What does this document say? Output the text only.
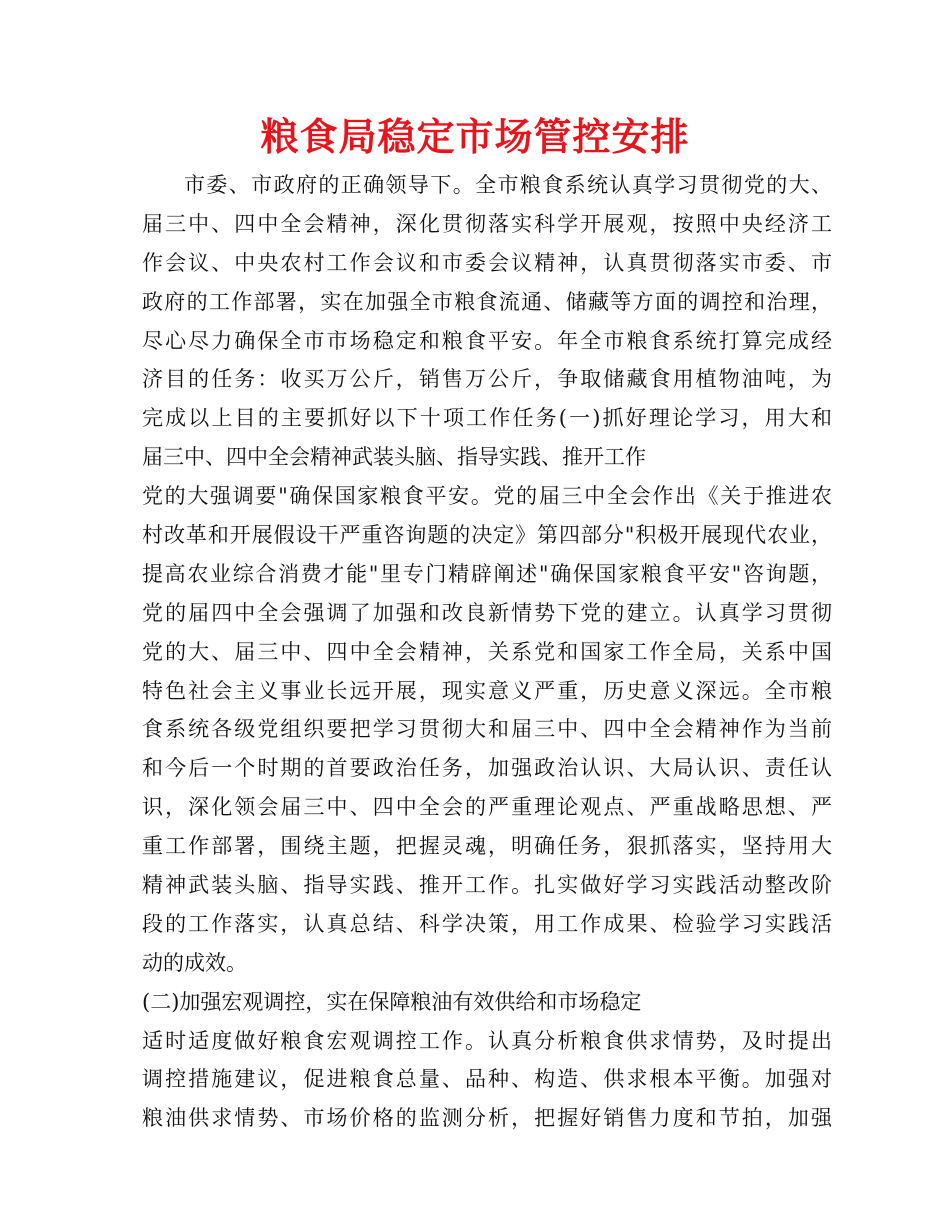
粮食局稳定市场管控安排
市委、市政府的正确领导下。全市粮食系统认真学习贯彻党的大、
届三中、四中全会精神，深化贯彻落实科学开展观，按照中央经济工
作会议、中央农村工作会议和市委会议精神，认真贯彻落实市委、市
政府的工作部署，实在加强全市粮食流通、储藏等方面的调控和治理，
尽心尽力确保全市市场稳定和粮食平安。年全市粮食系统打算完成经
济目的任务：收买万公斤，销售万公斤，争取储藏食用植物油吨，为
完成以上目的主要抓好以下十项工作任务(一)抓好理论学习，用大和
届三中、四中全会精神武装头脑、指导实践、推开工作
党的大强调要"确保国家粮食平安。党的届三中全会作出《关于推进农
村改革和开展假设干严重咨询题的决定》第四部分"积极开展现代农业，
提高农业综合消费才能"里专门精辟阐述"确保国家粮食平安"咨询题，
党的届四中全会强调了加强和改良新情势下党的建立。认真学习贯彻
党的大、届三中、四中全会精神，关系党和国家工作全局，关系中国
特色社会主义事业长远开展，现实意义严重，历史意义深远。全市粮
食系统各级党组织要把学习贯彻大和届三中、四中全会精神作为当前
和今后一个时期的首要政治任务，加强政治认识、大局认识、责任认
识，深化领会届三中、四中全会的严重理论观点、严重战略思想、严
重工作部署，围绕主题，把握灵魂，明确任务，狠抓落实，坚持用大
精神武装头脑、指导实践、推开工作。扎实做好学习实践活动整改阶
段的工作落实，认真总结、科学决策，用工作成果、检验学习实践活
动的成效。
(二)加强宏观调控，实在保障粮油有效供给和市场稳定
适时适度做好粮食宏观调控工作。认真分析粮食供求情势，及时提出
调控措施建议，促进粮食总量、品种、构造、供求根本平衡。加强对
粮油供求情势、市场价格的监测分析，把握好销售力度和节拍，加强
